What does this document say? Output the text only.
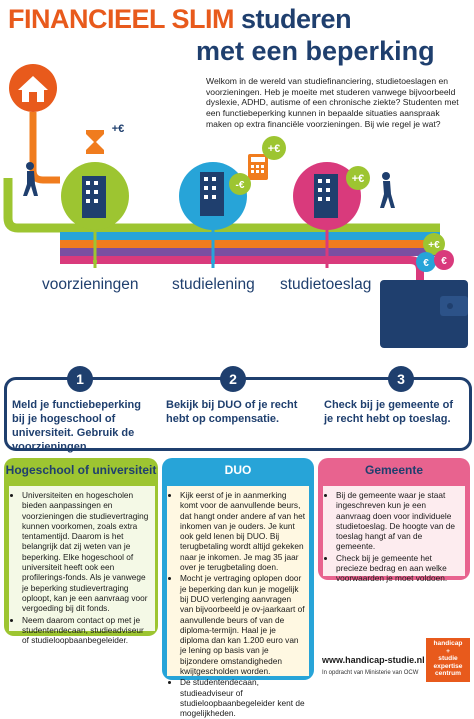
FINANCIEEL SLIM studeren
met een beperking
Welkom in de wereld van studiefinanciering, studietoeslagen en voorzieningen. Heb je moeite met studeren vanwege bijvoorbeeld dyslexie, ADHD, autisme of een chronische ziekte? Studenten met een functiebeperking kunnen in bepaalde situaties aanspraak maken op extra financiële voorzieningen. Bij wie regel je wat?
+€
-€
+€
+€
€ €
+€
voorzieningen studielening studietoeslag
1	2	3
Meld je functiebeperking bij je hogeschool of universiteit. Gebruik de voorzieningen.
Bekijk bij DUO of je recht hebt op compensatie.
Check bij je gemeente of je recht hebt op toeslag.
Hogeschool of universiteit
• Universiteiten en hogescholen bieden aanpassingen en voorzieningen die studievertraging kunnen voorkomen, zoals extra tentamentijd. Daarom is het belangrijk dat zij weten van je beperking. Elke hogeschool of universiteit heeft ook een profilerings-fonds. Als je vanwege je beperking studievertraging oploopt, kan je een aanvraag voor vergoeding bij dit fonds.
• Neem daarom contact op met je studentendecaan, studieadviseur of studieloopbaanbegeleider.
DUO
• Kijk eerst of je in aanmerking komt voor de aanvullende beurs, dat hangt onder andere af van het inkomen van je ouders. Je kunt ook geld lenen bij DUO. Bij terugbetaling wordt altijd gekeken naar je inkomen. Je mag 35 jaar over je terugbetaling doen.
• Mocht je vertraging oplopen door je beperking dan kun je mogelijk bij DUO verlenging aanvragen van bijvoorbeeld je ov-jaarkaart of aanvullende beurs of van de diploma-termijn. Haal je je diploma dan kan 1.200 euro van je lening op basis van je bijzondere omstandigheden kwijtgescholden worden.
• De studentendecaan, studieadviseur of studieloopbaanbegeleider kent de mogelijkheden.
Gemeente
• Bij de gemeente waar je staat ingeschreven kun je een aanvraag doen voor individuele studietoeslag. De hoogte van de toeslag hangt af van de gemeente.
• Check bij je gemeente het precieze bedrag en aan welke voorwaarden je moet voldoen.
www.handicap-studie.nl
In opdracht van Ministerie van OCW
handicap
+
studie
expertise
centrum
